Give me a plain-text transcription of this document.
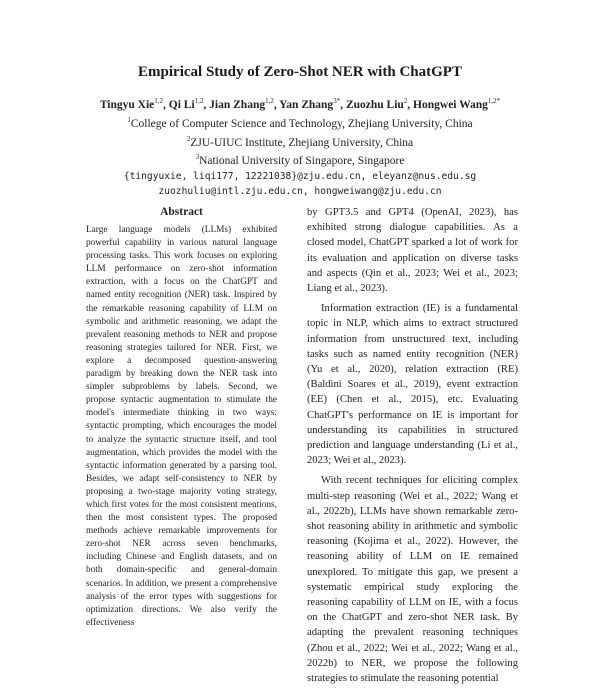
Empirical Study of Zero-Shot NER with ChatGPT
Tingyu Xie$^{1,2}$, Qi Li$^{1,2}$, Jian Zhang$^{1,2}$, Yan Zhang$^{3*}$, Zuozhu Liu$^2$, Hongwei Wang$^{1,2*}$
$^1$College of Computer Science and Technology, Zhejiang University, China
$^2$ZJU-UIUC Institute, Zhejiang University, China
$^3$National University of Singapore, Singapore
{tingyuxie, liqi177, 12221038}@zju.edu.cn, eleyanz@nus.edu.sg
zuozhuliu@intl.zju.edu.cn, hongweiwang@zju.edu.cn
Abstract

Large language models (LLMs) exhibited powerful capability in various natural language processing tasks. This work focuses on exploring LLM performance on zero-shot information extraction, with a focus on the ChatGPT and named entity recognition (NER) task. Inspired by the remarkable reasoning capability of LLM on symbolic and arithmetic reasoning, we adapt the prevalent reasoning methods to NER and propose reasoning strategies tailored for NER. First, we explore a decomposed question-answering paradigm by breaking down the NER task into simpler subproblems by labels. Second, we propose syntactic augmentation to stimulate the model's intermediate thinking in two ways: syntactic prompting, which encourages the model to analyze the syntactic structure itself, and tool augmentation, which provides the model with the syntactic information generated by a parsing tool. Besides, we adapt self-consistency to NER by proposing a two-stage majority voting strategy, which first votes for the most consistent mentions, then the most consistent types. The proposed methods achieve remarkable improvements for zero-shot NER across seven benchmarks, including Chinese and English datasets, and on both domain-specific and general-domain scenarios. In addition, we present a comprehensive analysis of the error types with suggestions for optimization directions. We also verify the effectiveness

by GPT3.5 and GPT4 (OpenAI, 2023), has exhibited strong dialogue capabilities. As a closed model, ChatGPT sparked a lot of work for its evaluation and application on diverse tasks and aspects (Qin et al., 2023; Wei et al., 2023; Liang et al., 2023).

Information extraction (IE) is a fundamental topic in NLP, which aims to extract structured information from unstructured text, including tasks such as named entity recognition (NER) (Yu et al., 2020), relation extraction (RE) (Baldini Soares et al., 2019), event extraction (EE) (Chen et al., 2015), etc. Evaluating ChatGPT's performance on IE is important for understanding its capabilities in structured prediction and language understanding (Li et al., 2023; Wei et al., 2023).

With recent techniques for eliciting complex multi-step reasoning (Wei et al., 2022; Wang et al., 2022b), LLMs have shown remarkable zero-shot reasoning ability in arithmetic and symbolic reasoning (Kojima et al., 2022). However, the reasoning ability of LLM on IE remained unexplored. To mitigate this gap, we present a systematic empirical study exploring the reasoning capability of LLM on IE, with a focus on the ChatGPT and zero-shot NER task. By adapting the prevalent reasoning techniques (Zhou et al., 2022; Wei et al., 2022; Wang et al., 2022b) to NER, we propose the following strategies to stimulate the reasoning potential
